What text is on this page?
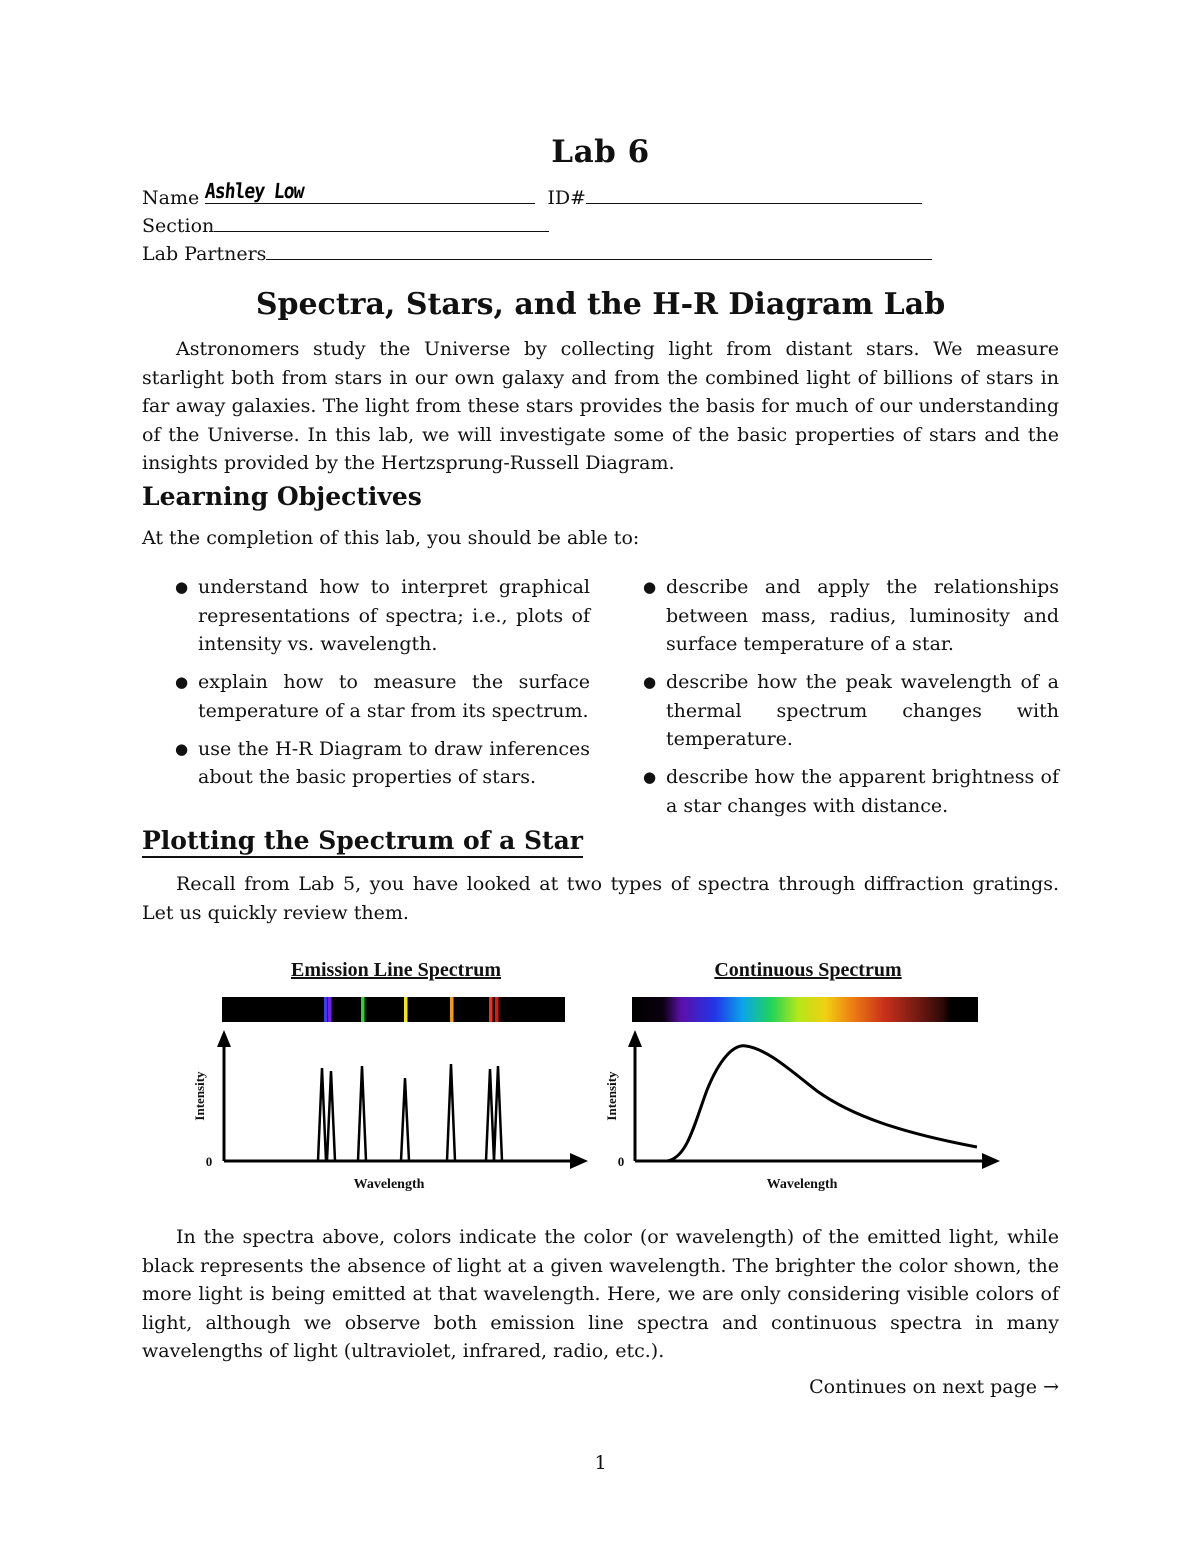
Lab 6
Name Ashley Low	ID#
Section
Lab Partners
Spectra, Stars, and the H-R Diagram Lab

Astronomers study the Universe by collecting light from distant stars. We measure starlight both from stars in our own galaxy and from the combined light of billions of stars in far away galaxies. The light from these stars provides the basis for much of our understanding of the Universe. In this lab, we will investigate some of the basic properties of stars and the insights provided by the Hertzsprung-Russell Diagram.

Learning Objectives

At the completion of this lab, you should be able to:

● understand how to interpret graphical representations of spectra; i.e., plots of intensity vs. wavelength.
● explain how to measure the surface temperature of a star from its spectrum.
● use the H-R Diagram to draw inferences about the basic properties of stars.
● describe and apply the relationships between mass, radius, luminosity and surface temperature of a star.
● describe how the peak wavelength of a thermal spectrum changes with temperature.
● describe how the apparent brightness of a star changes with distance.
Plotting the Spectrum of a Star

Recall from Lab 5, you have looked at two types of spectra through diffraction gratings. Let us quickly review them.

Emission Line Spectrum
0
Intensity
Wavelength
Continuous Spectrum
0
Intensity
Wavelength

In the spectra above, colors indicate the color (or wavelength) of the emitted light, while black represents the absence of light at a given wavelength. The brighter the color shown, the more light is being emitted at that wavelength. Here, we are only considering visible colors of light, although we observe both emission line spectra and continuous spectra in many wavelengths of light (ultraviolet, infrared, radio, etc.).

Continues on next page →
1
